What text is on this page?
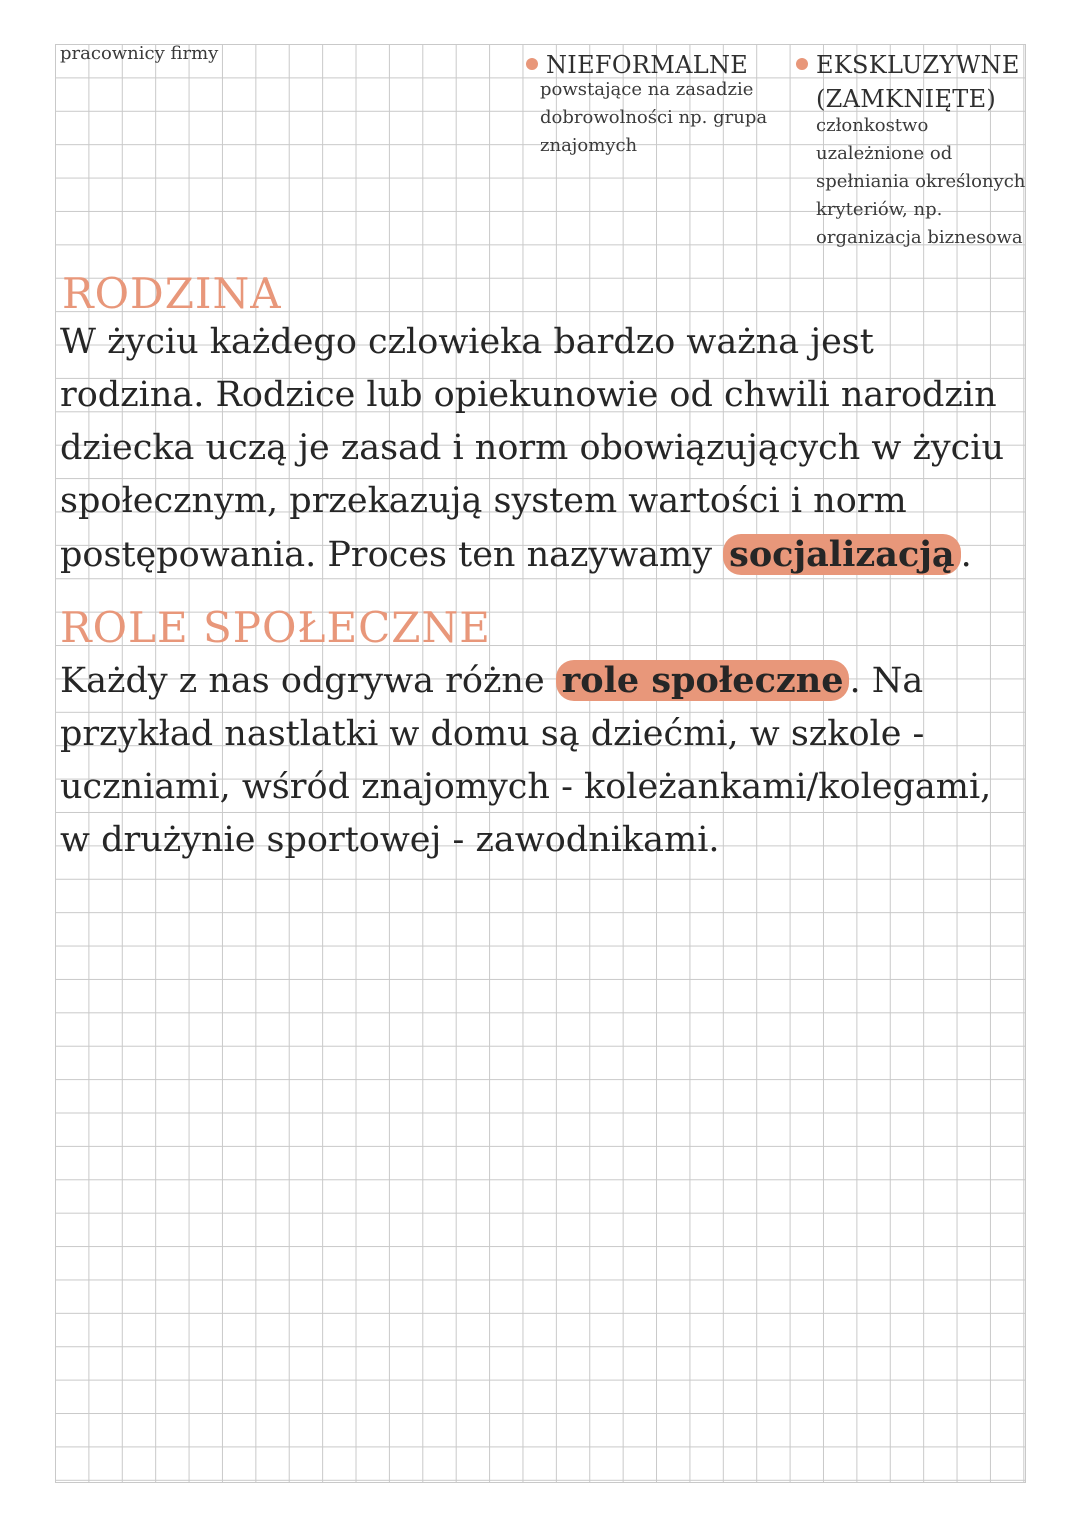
pracownicy firmy	NIEFORMALNE
powstające na zasadzie
dobrowolności np. grupa
znajomych
EKSKLUZYWNE
(ZAMKNIĘTE)
członkostwo
uzależnione od
spełniania określonych
kryteriów, np.
organizacja biznesowa
RODZINA
W życiu każdego czlowieka bardzo ważna jest rodzina. Rodzice lub opiekunowie od chwili narodzin dziecka uczą je zasad i norm obowiązujących w życiu społecznym, przekazują system wartości i norm postępowania. Proces ten nazywamy socjalizacją .
ROLE SPOŁECZNE
Każdy z nas odgrywa różne role społeczne . Na przykład nastlatki w domu są dziećmi, w szkole - uczniami, wśród znajomych - koleżankami/kolegami, w drużynie sportowej - zawodnikami.
